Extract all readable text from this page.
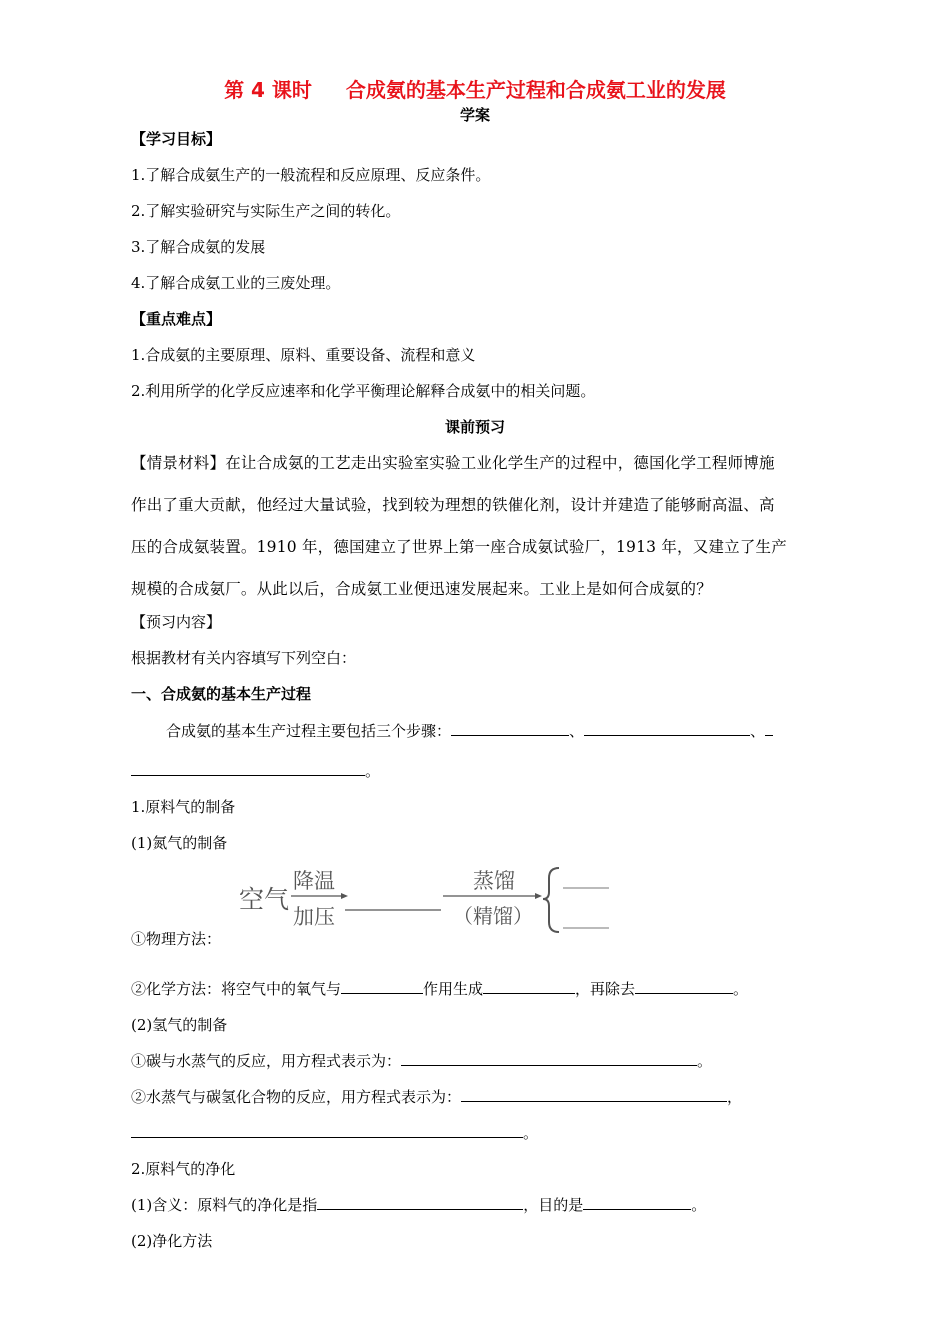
第 4 课时 合成氨的基本生产过程和合成氨工业的发展
学案
【学习目标】
1.了解合成氨生产的一般流程和反应原理、反应条件。
2.了解实验研究与实际生产之间的转化。
3.了解合成氨的发展
4.了解合成氨工业的三废处理。
【重点难点】
1.合成氨的主要原理、原料、重要设备、流程和意义
2.利用所学的化学反应速率和化学平衡理论解释合成氨中的相关问题。
课前预习
【情景材料】在让合成氨的工艺走出实验室实验工业化学生产的过程中，德国化学工程师博施
作出了重大贡献，他经过大量试验，找到较为理想的铁催化剂，设计并建造了能够耐高温、高
压的合成氨装置。1910 年，德国建立了世界上第一座合成氨试验厂，1913 年，又建立了生产
规模的合成氨厂。从此以后，合成氨工业便迅速发展起来。工业上是如何合成氨的？
【预习内容】
根据教材有关内容填写下列空白：
一、合成氨的基本生产过程
合成氨的基本生产过程主要包括三个步骤：	、	、
。
1.原料气的制备
(1)氮气的制备
空气
降温
加压
蒸馏
（精馏）
①物理方法：
②化学方法：将空气中的氧气与	作用生成	，再除去	。
(2)氢气的制备
①碳与水蒸气的反应，用方程式表示为：	。
②水蒸气与碳氢化合物的反应，用方程式表示为：	，
。
2.原料气的净化
(1)含义：原料气的净化是指	，目的是	。
(2)净化方法
